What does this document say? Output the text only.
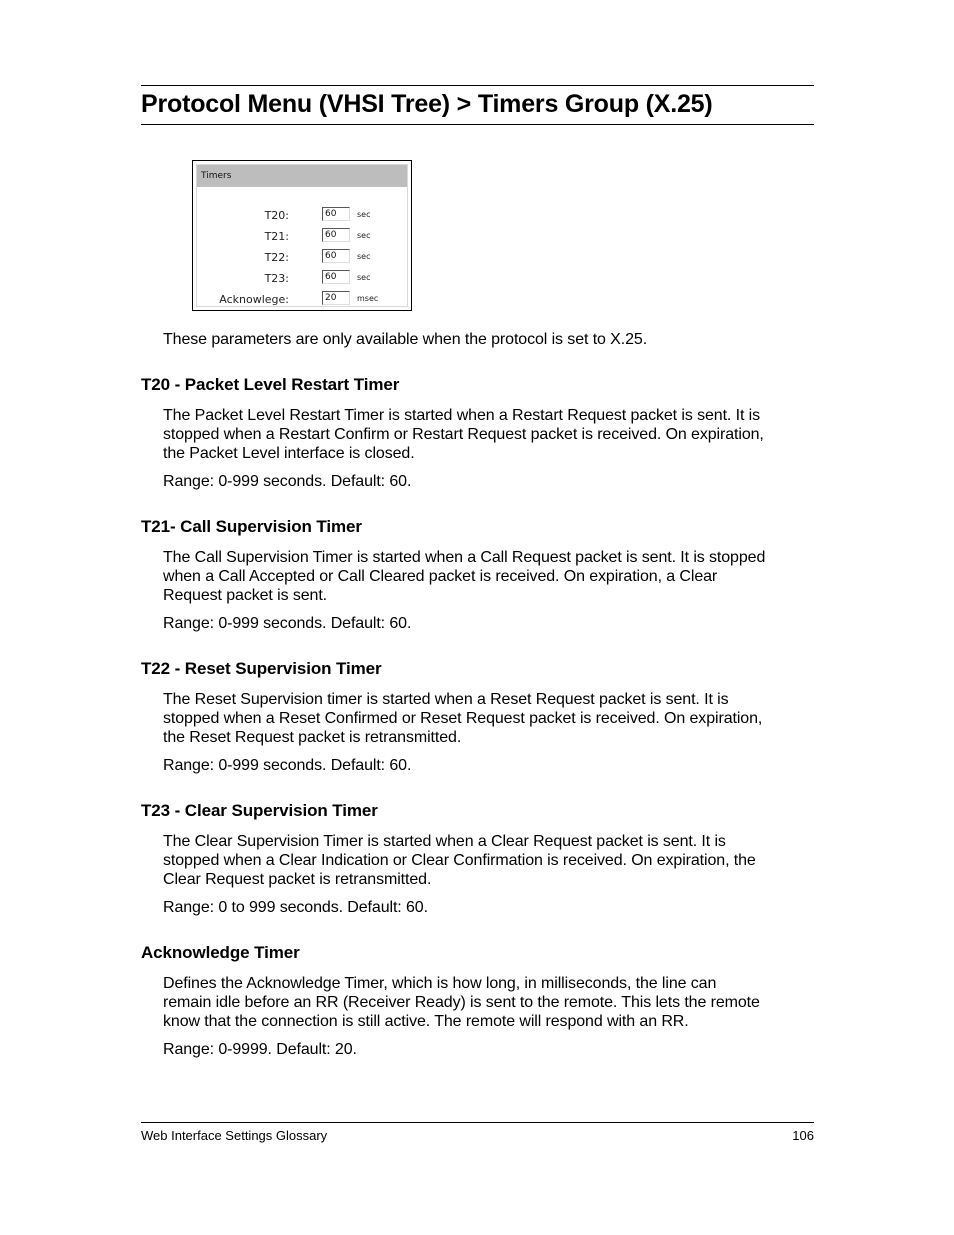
Protocol Menu (VHSI Tree) > Timers Group (X.25)
Timers
T20:	60	sec
T21:	60	sec
T22:	60	sec
T23:	60	sec
Acknowlege:	20	msec

These parameters are only available when the protocol is set to X.25.

T20 - Packet Level Restart Timer
The Packet Level Restart Timer is started when a Restart Request packet is sent. It is
stopped when a Restart Confirm or Restart Request packet is received. On expiration,
the Packet Level interface is closed.

Range: 0-999 seconds. Default: 60.

T21- Call Supervision Timer
The Call Supervision Timer is started when a Call Request packet is sent. It is stopped
when a Call Accepted or Call Cleared packet is received. On expiration, a Clear
Request packet is sent.

Range: 0-999 seconds. Default: 60.

T22 - Reset Supervision Timer
The Reset Supervision timer is started when a Reset Request packet is sent. It is
stopped when a Reset Confirmed or Reset Request packet is received. On expiration,
the Reset Request packet is retransmitted.

Range: 0-999 seconds. Default: 60.

T23 - Clear Supervision Timer
The Clear Supervision Timer is started when a Clear Request packet is sent. It is
stopped when a Clear Indication or Clear Confirmation is received. On expiration, the
Clear Request packet is retransmitted.

Range: 0 to 999 seconds. Default: 60.

Acknowledge Timer
Defines the Acknowledge Timer, which is how long, in milliseconds, the line can
remain idle before an RR (Receiver Ready) is sent to the remote. This lets the remote
know that the connection is still active. The remote will respond with an RR.

Range: 0-9999. Default: 20.

Web Interface Settings Glossary	106
